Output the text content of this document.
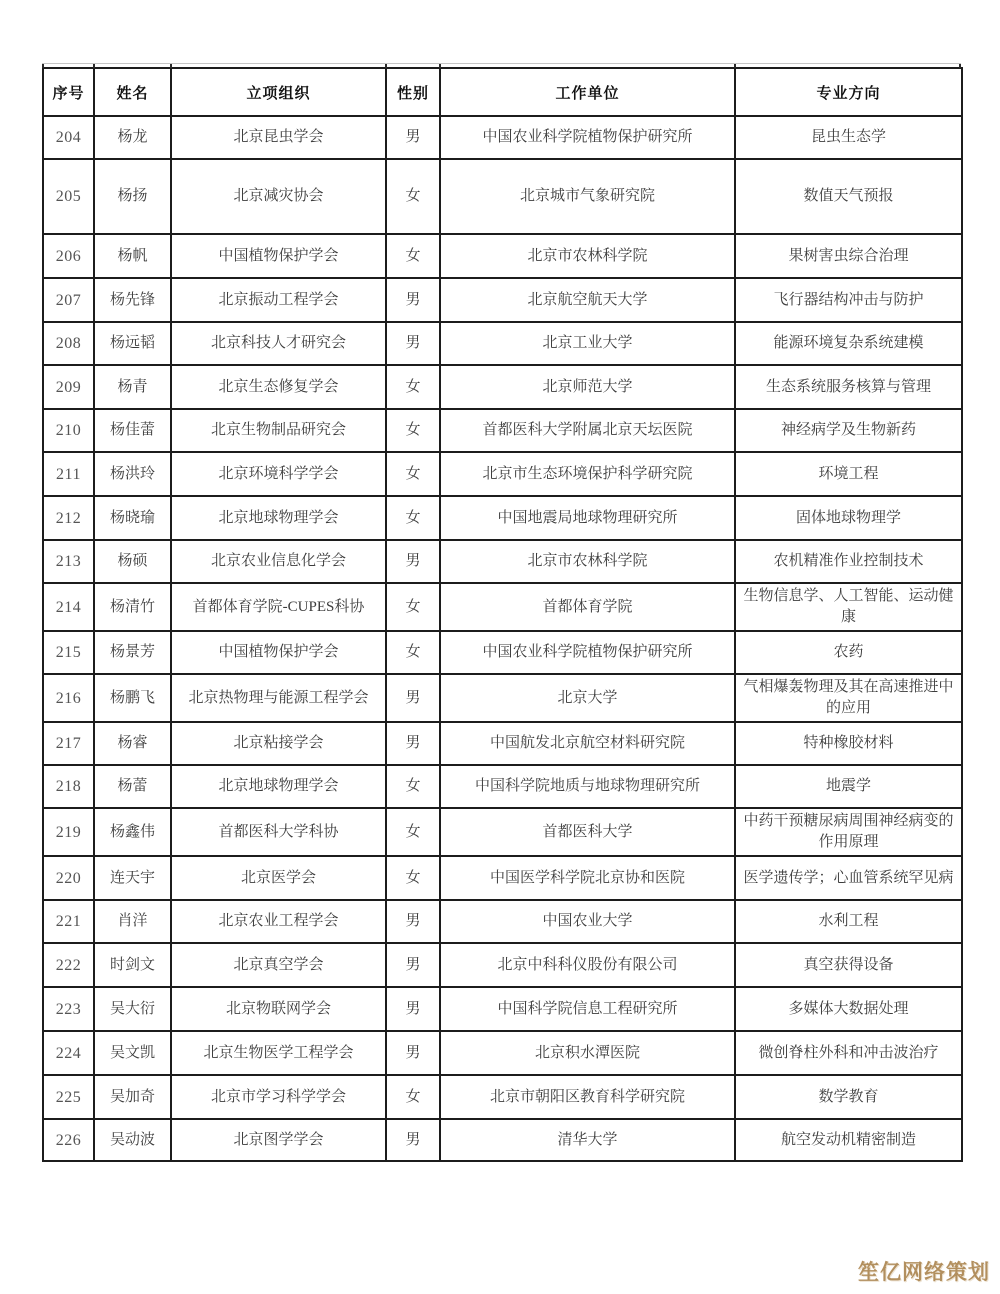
序号	姓名	立项组织	性别	工作单位	专业方向
204	杨龙	北京昆虫学会	男	中国农业科学院植物保护研究所	昆虫生态学
205	杨扬	北京减灾协会	女	北京城市气象研究院	数值天气预报
206	杨帆	中国植物保护学会	女	北京市农林科学院	果树害虫综合治理
207	杨先锋	北京振动工程学会	男	北京航空航天大学	飞行器结构冲击与防护
208	杨远韬	北京科技人才研究会	男	北京工业大学	能源环境复杂系统建模
209	杨青	北京生态修复学会	女	北京师范大学	生态系统服务核算与管理
210	杨佳蕾	北京生物制品研究会	女	首都医科大学附属北京天坛医院	神经病学及生物新药
211	杨洪玲	北京环境科学学会	女	北京市生态环境保护科学研究院	环境工程
212	杨晓瑜	北京地球物理学会	女	中国地震局地球物理研究所	固体地球物理学
213	杨硕	北京农业信息化学会	男	北京市农林科学院	农机精准作业控制技术
214	杨清竹	首都体育学院-CUPES科协	女	首都体育学院	生物信息学、人工智能、运动健康
215	杨景芳	中国植物保护学会	女	中国农业科学院植物保护研究所	农药
216	杨鹏飞	北京热物理与能源工程学会	男	北京大学	气相爆轰物理及其在高速推进中的应用
217	杨睿	北京粘接学会	男	中国航发北京航空材料研究院	特种橡胶材料
218	杨蕾	北京地球物理学会	女	中国科学院地质与地球物理研究所	地震学
219	杨鑫伟	首都医科大学科协	女	首都医科大学	中药干预糖尿病周围神经病变的作用原理
220	连天宇	北京医学会	女	中国医学科学院北京协和医院	医学遗传学；心血管系统罕见病
221	肖洋	北京农业工程学会	男	中国农业大学	水利工程
222	时剑文	北京真空学会	男	北京中科科仪股份有限公司	真空获得设备
223	吴大衍	北京物联网学会	男	中国科学院信息工程研究所	多媒体大数据处理
224	吴文凯	北京生物医学工程学会	男	北京积水潭医院	微创脊柱外科和冲击波治疗
225	吴加奇	北京市学习科学学会	女	北京市朝阳区教育科学研究院	数学教育
226	吴动波	北京图学学会	男	清华大学	航空发动机精密制造
笙亿网络策划
